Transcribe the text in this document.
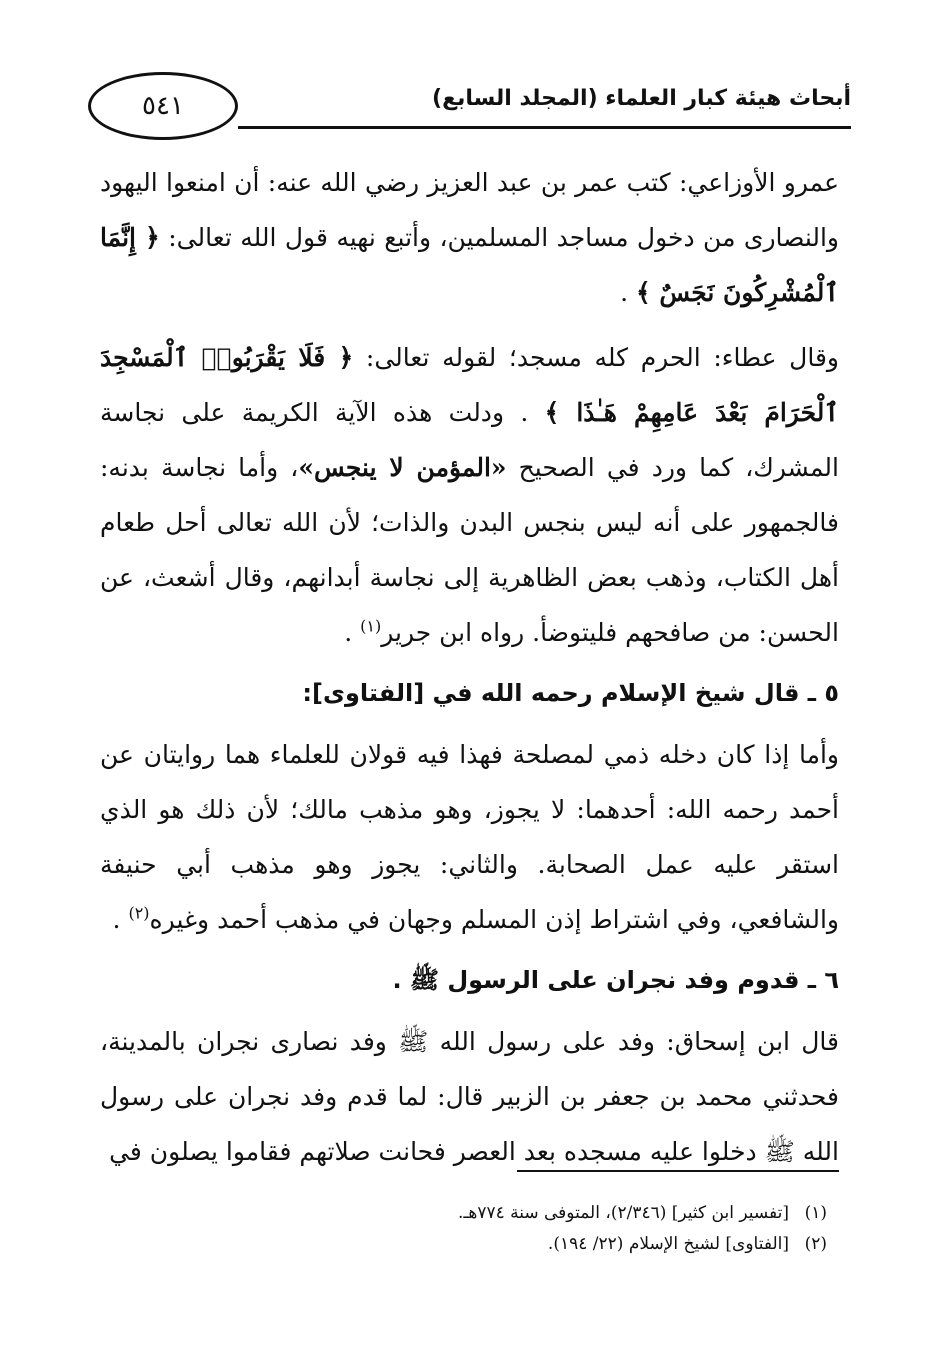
أبحاث هيئة كبار العلماء (المجلد السابع)
٥٤١

عمرو الأوزاعي: كتب عمر بن عبد العزيز رضي الله عنه: أن امنعوا اليهود والنصارى من دخول مساجد المسلمين، وأتبع نهيه قول الله تعالى: ﴿ إِنَّمَا ٱلْمُشْرِكُونَ نَجَسٌ ﴾ .

وقال عطاء: الحرم كله مسجد؛ لقوله تعالى: ﴿ فَلَا يَقْرَبُوا۟ ٱلْمَسْجِدَ ٱلْحَرَامَ بَعْدَ عَامِهِمْ هَـٰذَا ﴾ . ودلت هذه الآية الكريمة على نجاسة المشرك، كما ورد في الصحيح «المؤمن لا ينجس»، وأما نجاسة بدنه: فالجمهور على أنه ليس بنجس البدن والذات؛ لأن الله تعالى أحل طعام أهل الكتاب، وذهب بعض الظاهرية إلى نجاسة أبدانهم، وقال أشعث، عن الحسن: من صافحهم فليتوضأ. رواه ابن جرير$^{(١)}$ .

٥ ـ قال شيخ الإسلام رحمه الله في [الفتاوى]:

وأما إذا كان دخله ذمي لمصلحة فهذا فيه قولان للعلماء هما روايتان عن أحمد رحمه الله: أحدهما: لا يجوز، وهو مذهب مالك؛ لأن ذلك هو الذي استقر عليه عمل الصحابة. والثاني: يجوز وهو مذهب أبي حنيفة والشافعي، وفي اشتراط إذن المسلم وجهان في مذهب أحمد وغيره$^{(٢)}$ .

٦ ـ قدوم وفد نجران على الرسول ﷺ .

قال ابن إسحاق: وفد على رسول الله ﷺ وفد نصارى نجران بالمدينة، فحدثني محمد بن جعفر بن الزبير قال: لما قدم وفد نجران على رسول الله ﷺ دخلوا عليه مسجده بعد العصر فحانت صلاتهم فقاموا يصلون في

(١)[تفسير ابن كثير] (٢/٣٤٦)، المتوفى سنة ٧٧٤هـ.

(٢)[الفتاوى] لشيخ الإسلام (٢٢/ ١٩٤).
